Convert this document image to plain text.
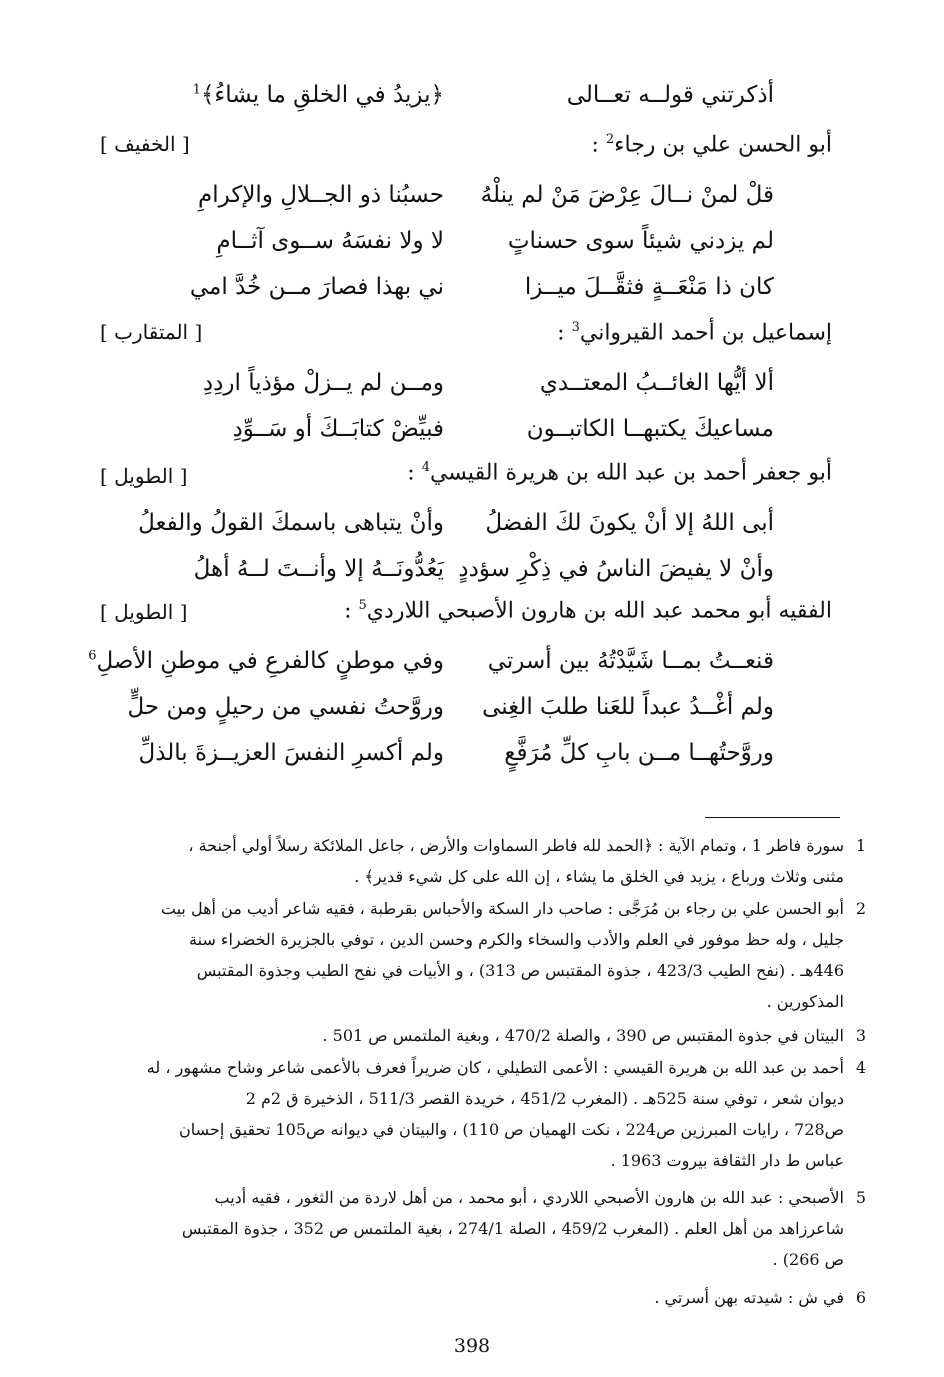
أذكرتني قولــه تعــالى
﴿يزيدُ في الخلقِ ما يشاءُ﴾$^1$
أبو الحسن علي بن رجاء$^2$ :
[ الخفيف ]
قلْ لمنْ نــالَ عِرْضَ مَنْ لم ينلْهُ
حسبُنا ذو الجــلالِ والإكرامِ
لم يزدني شيئاً سوى حسناتٍ
لا ولا نفسَهُ ســوى آثــامِ
كان ذا مَنْعَــةٍ فثقَّــلَ ميــزا
ني بهذا فصارَ مــن خُدَّ امي
إسماعيل بن أحمد القيرواني$^3$ :
[ المتقارب ]
ألا أيُّها الغائــبُ المعتــدي
ومــن لم يــزلْ مؤذياً اردِدِ
مساعيكَ يكتبهــا الكاتبــون
فبيِّضْ كتابَــكَ أو سَــوِّدِ
أبو جعفر أحمد بن عبد الله بن هريرة القيسي$^4$ :
[ الطويل ]
أبى اللهُ إلا أنْ يكونَ لكَ الفضلُ
وأنْ يتباهى باسمكَ القولُ والفعلُ
وأنْ لا يفيضَ الناسُ في ذِكْرِ سؤددٍ
يَعُدُّونَــهُ إلا وأنــتَ لــهُ أهلُ
الفقيه أبو محمد عبد الله بن هارون الأصبحي اللاردي$^5$ :
[ الطويل ]
قنعــتُ بمــا شَيَّدْتُهُ بين أسرتي
وفي موطنٍ كالفرعِ في موطنِ الأصلِ$^6$
ولم أغْــدُ عبداً للعَنا طلبَ الغِنى
وروَّحتُ نفسي من رحيلٍ ومن حلٍّ
وروَّحتُهــا مــن بابِ كلِّ مُرَفَّعٍ
ولم أكسرِ النفسَ العزيــزةَ بالذلِّ
1

سورة فاطر 1 ، وتمام الآية : ﴿الحمد لله فاطر السماوات والأرض ، جاعل الملائكة رسلاً أولي أجنحة ،

مثنى وثلاث ورباع ، يزيد في الخلق ما يشاء ، إن الله على كل شيء قدير﴾ .

2

أبو الحسن علي بن رجاء بن مُرَجَّى : صاحب دار السكة والأحباس بقرطبة ، فقيه شاعر أديب من أهل بيت

جليل ، وله حظ موفور في العلم والأدب والسخاء والكرم وحسن الدين ، توفي بالجزيرة الخضراء سنة

446هـ . (نفح الطيب 423/3 ، جذوة المقتبس ص 313) ، و الأبيات في نفح الطيب وجذوة المقتبس

المذكورين .

3

البيتان في جذوة المقتبس ص 390 ، والصلة 470/2 ، وبغية الملتمس ص 501 .

4

أحمد بن عبد الله بن هريرة القيسي : الأعمى التطيلي ، كان ضريراً فعرف بالأعمى شاعر وشاح مشهور ، له

ديوان شعر ، توفي سنة 525هـ . (المغرب 451/2 ، خريدة القصر 511/3 ، الذخيرة ق 2م 2

ص728 ، رايات المبرزين ص224 ، نكت الهميان ص 110) ، والبيتان في ديوانه ص105 تحقيق إحسان

عباس ط دار الثقافة بيروت 1963 .

5

الأصبحي : عبد الله بن هارون الأصبحي اللاردي ، أبو محمد ، من أهل لاردة من الثغور ، فقيه أديب

شاعرزاهد من أهل العلم . (المغرب 459/2 ، الصلة 274/1 ، بغية الملتمس ص 352 ، جذوة المقتبس

ص 266) .

6

في ش : شيدته بهن أسرتي .

398
